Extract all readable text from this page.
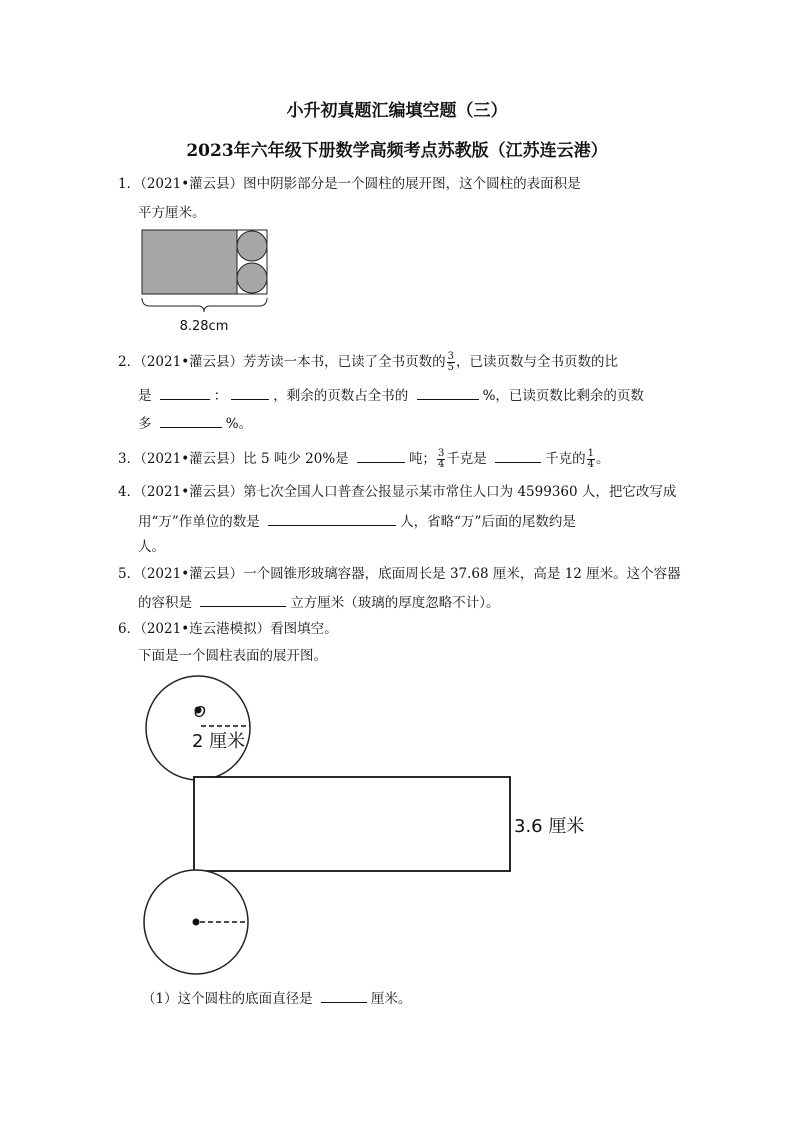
小升初真题汇编填空题（三）
2023年六年级下册数学高频考点苏教版（江苏连云港）
1．（2021•灌云县）图中阴影部分是一个圆柱的展开图，这个圆柱的表面积是
平方厘米。
8.28cm
2．（2021•灌云县）芳芳读一本书，已读了全书页数的 $\frac{3}{5}$ ，已读页数与全书页数的比
是	：	，剩余的页数占全书的	%，已读页数比剩余的页数
多	%。
3．（2021•灌云县）比 5 吨少 20%是	吨； $\frac{3}{4}$ 千克是	千克的 $\frac{1}{4}$ 。
4．（2021•灌云县）第七次全国人口普查公报显示某市常住人口为 4599360 人，把它改写成
用“万”作单位的数是	人，省略“万”后面的尾数约是
人。
5．（2021•灌云县）一个圆锥形玻璃容器，底面周长是 37.68 厘米，高是 12 厘米。这个容器
的容积是	立方厘米（玻璃的厚度忽略不计）。
6．（2021•连云港模拟）看图填空。
下面是一个圆柱表面的展开图。
O
2 厘米
3.6 厘米
（1）这个圆柱的底面直径是	厘米。
